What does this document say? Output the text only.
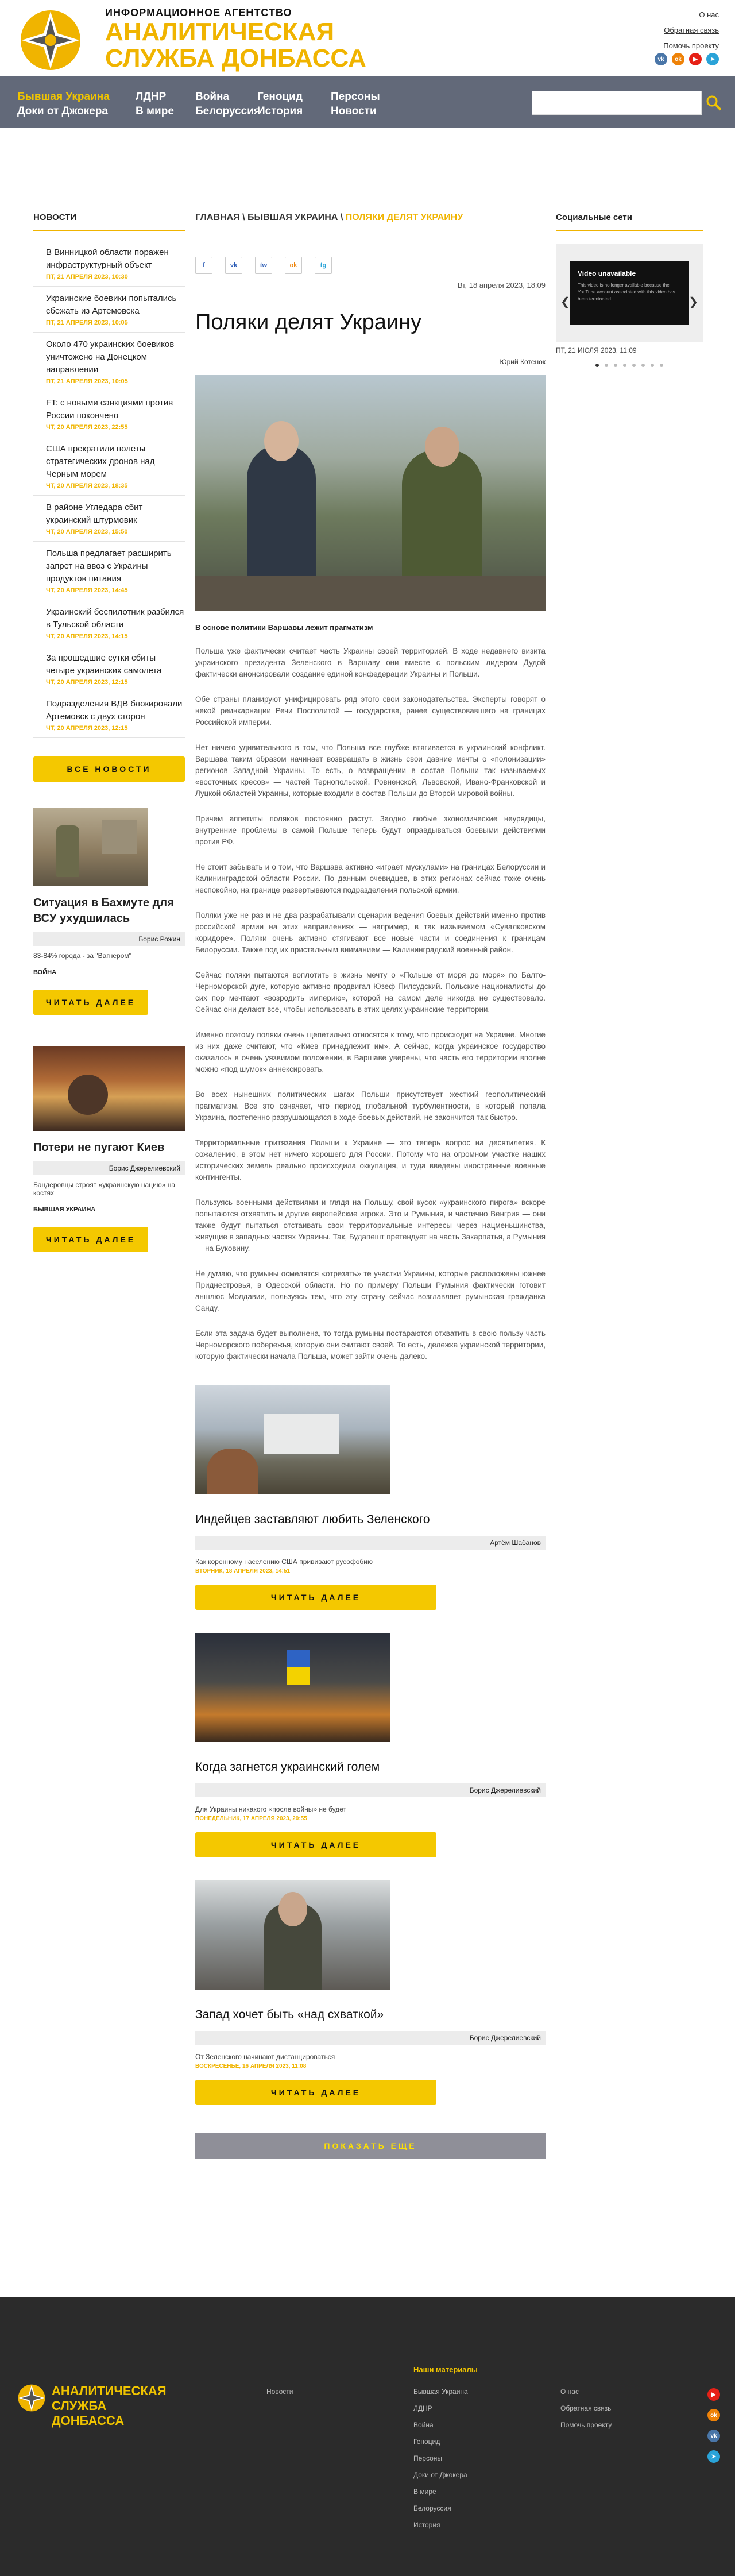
ИНФОРМАЦИОННОЕ АГЕНТСТВО
АНАЛИТИЧЕСКАЯ
СЛУЖБА ДОНБАССА
О нас
Обратная связь
Помочь проекту
vk	ok	▶	➤
Бывшая Украина
Доки от Джокера
ЛДНР
В мире
Война
Белоруссия
Геноцид
История
Персоны
Новости
НОВОСТИ
В Винницкой области поражен инфраструктурный объект
ПТ, 21 АПРЕЛЯ 2023, 10:30
Украинские боевики попытались сбежать из Артемовска
ПТ, 21 АПРЕЛЯ 2023, 10:05
Около 470 украинских боевиков уничтожено на Донецком направлении
ПТ, 21 АПРЕЛЯ 2023, 10:05
FT: с новыми санкциями против России покончено
ЧТ, 20 АПРЕЛЯ 2023, 22:55
США прекратили полеты стратегических дронов над Черным морем
ЧТ, 20 АПРЕЛЯ 2023, 18:35
В районе Угледара сбит украинский штурмовик
ЧТ, 20 АПРЕЛЯ 2023, 15:50
Польша предлагает расширить запрет на ввоз с Украины продуктов питания
ЧТ, 20 АПРЕЛЯ 2023, 14:45
Украинский беспилотник разбился в Тульской области
ЧТ, 20 АПРЕЛЯ 2023, 14:15
За прошедшие сутки сбиты четыре украинских самолета
ЧТ, 20 АПРЕЛЯ 2023, 12:15
Подразделения ВДВ блокировали Артемовск с двух сторон
ЧТ, 20 АПРЕЛЯ 2023, 12:15
ВСЕ НОВОСТИ
Ситуация в Бахмуте для ВСУ ухудшилась
Борис Рожин
83-84% города - за "Вагнером"
ВОЙНА
ЧИТАТЬ ДАЛЕЕ
Потери не пугают Киев
Борис Джерелиевский
Бандеровцы строят «украинскую нацию» на костях
БЫВШАЯ УКРАИНА
ЧИТАТЬ ДАЛЕЕ
ГЛАВНАЯ \ БЫВШАЯ УКРАИНА \ ПОЛЯКИ ДЕЛЯТ УКРАИНУ
f	vk	tw	ok	tg
Вт, 18 апреля 2023, 18:09
Поляки делят Украину
Юрий Котенок
В основе политики Варшавы лежит прагматизм

Польша уже фактически считает часть Украины своей территорией. В ходе недавнего визита украинского президента Зеленского в Варшаву они вместе с польским лидером Дудой фактически анонсировали создание единой конфедерации Украины и Польши.

Обе страны планируют унифицировать ряд этого свои законодательства. Эксперты говорят о некой реинкарнации Речи Посполитой — государства, ранее существовавшего на границах Российской империи.

Нет ничего удивительного в том, что Польша все глубже втягивается в украинский конфликт. Варшава таким образом начинает возвращать в жизнь свои давние мечты о «полонизации» регионов Западной Украины. То есть, о возвращении в состав Польши так называемых «восточных кресов» — частей Тернопольской, Ровненской, Львовской, Ивано-Франковской и Луцкой областей Украины, которые входили в состав Польши до Второй мировой войны.

Причем аппетиты поляков постоянно растут. Заодно любые экономические неурядицы, внутренние проблемы в самой Польше теперь будут оправдываться боевыми действиями против РФ.

Не стоит забывать и о том, что Варшава активно «играет мускулами» на границах Белоруссии и Калининградской области России. По данным очевидцев, в этих регионах сейчас тоже очень неспокойно, на границе развертываются подразделения польской армии.

Поляки уже не раз и не два разрабатывали сценарии ведения боевых действий именно против российской армии на этих направлениях — например, в так называемом «Сувалковском коридоре». Поляки очень активно стягивают все новые части и соединения к границам Белоруссии. Также под их пристальным вниманием — Калининградский военный район.

Сейчас поляки пытаются воплотить в жизнь мечту о «Польше от моря до моря» по Балто-Черноморской дуге, которую активно продвигал Юзеф Пилсудский. Польские националисты до сих пор мечтают «возродить империю», которой на самом деле никогда не существовало. Сейчас они делают все, чтобы использовать в этих целях украинские территории.

Именно поэтому поляки очень щепетильно относятся к тому, что происходит на Украине. Многие из них даже считают, что «Киев принадлежит им». А сейчас, когда украинское государство оказалось в очень уязвимом положении, в Варшаве уверены, что часть его территории вполне можно «под шумок» аннексировать.

Во всех нынешних политических шагах Польши присутствует жесткий геополитический прагматизм. Все это означает, что период глобальной турбулентности, в который попала Украина, постепенно разрушающаяся в ходе боевых действий, не закончится так быстро.

Территориальные притязания Польши к Украине — это теперь вопрос на десятилетия. К сожалению, в этом нет ничего хорошего для России. Потому что на огромном участке наших исторических земель реально происходила оккупация, и туда введены иностранные военные контингенты.

Пользуясь военными действиями и глядя на Польшу, свой кусок «украинского пирога» вскоре попытаются отхватить и другие европейские игроки. Это и Румыния, и частично Венгрия — они также будут пытаться отстаивать свои территориальные интересы через нацменьшинства, живущие в западных частях Украины. Так, Будапешт претендует на часть Закарпатья, а Румыния — на Буковину.

Не думаю, что румыны осмелятся «отрезать» те участки Украины, которые расположены южнее Приднестровья, в Одесской области. Но по примеру Польши Румыния фактически готовит аншлюс Молдавии, пользуясь тем, что эту страну сейчас возглавляет румынская гражданка Санду.

Если эта задача будет выполнена, то тогда румыны постараются отхватить в свою пользу часть Черноморского побережья, которую они считают своей. То есть, дележка украинской территории, которую фактически начала Польша, может зайти очень далеко.

Индейцев заставляют любить Зеленского
Артём Шабанов
Как коренному населению США прививают русофобию
ВТОРНИК, 18 АПРЕЛЯ 2023, 14:51
ЧИТАТЬ ДАЛЕЕ
Когда загнется украинский голем
Борис Джерелиевский
Для Украины никакого «после войны» не будет
ПОНЕДЕЛЬНИК, 17 АПРЕЛЯ 2023, 20:55
ЧИТАТЬ ДАЛЕЕ
Запад хочет быть «над схваткой»
Борис Джерелиевский
От Зеленского начинают дистанцироваться
ВОСКРЕСЕНЬЕ, 16 АПРЕЛЯ 2023, 11:08
ЧИТАТЬ ДАЛЕЕ
ПОКАЗАТЬ ЕЩЕ
Социальные сети
Video unavailable
This video is no longer available because the YouTube account associated with this video has been terminated.
❮	❯
ПТ, 21 ИЮЛЯ 2023, 11:09
АНАЛИТИЧЕСКАЯ
СЛУЖБА ДОНБАССА
Наши материалы
Новости	Бывшая Украина
ЛДНР
Война
Геноцид
Персоны
Доки от Джокера
В мире
Белоруссия
История
О нас
Обратная связь
Помочь проекту
▶
ok
vk
➤
